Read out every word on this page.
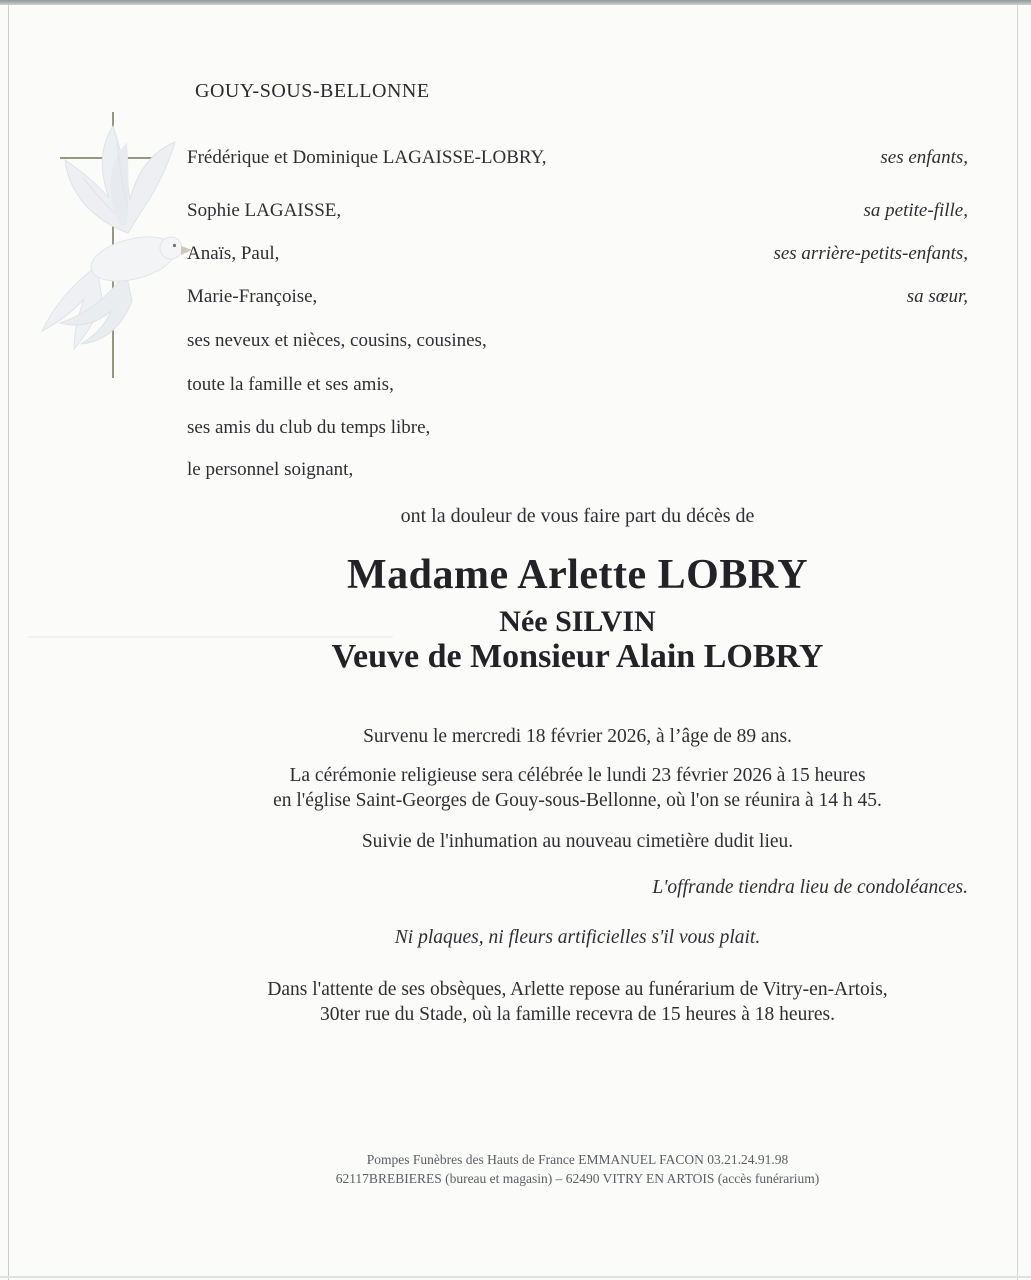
GOUY-SOUS-BELLONNE
Frédérique et Dominique LAGAISSE-LOBRY,	ses enfants,
Sophie LAGAISSE,	sa petite-fille,
Anaïs, Paul,	ses arrière-petits-enfants,
Marie-Françoise,	sa sœur,
ses neveux et nièces, cousins, cousines,
toute la famille et ses amis,
ses amis du club du temps libre,
le personnel soignant,
ont la douleur de vous faire part du décès de
Madame Arlette LOBRY
Née SILVIN
Veuve de Monsieur Alain LOBRY
Survenu le mercredi 18 février 2026, à l’âge de 89 ans.
La cérémonie religieuse sera célébrée le lundi 23 février 2026 à 15 heures
en l'église Saint-Georges de Gouy-sous-Bellonne, où l'on se réunira à 14 h 45.
Suivie de l'inhumation au nouveau cimetière dudit lieu.
L'offrande tiendra lieu de condoléances.
Ni plaques, ni fleurs artificielles s'il vous plait.
Dans l'attente de ses obsèques, Arlette repose au funérarium de Vitry-en-Artois,
30ter rue du Stade, où la famille recevra de 15 heures à 18 heures.
Pompes Funèbres des Hauts de France EMMANUEL FACON 03.21.24.91.98
62117BREBIERES (bureau et magasin) – 62490 VITRY EN ARTOIS (accès funérarium)
